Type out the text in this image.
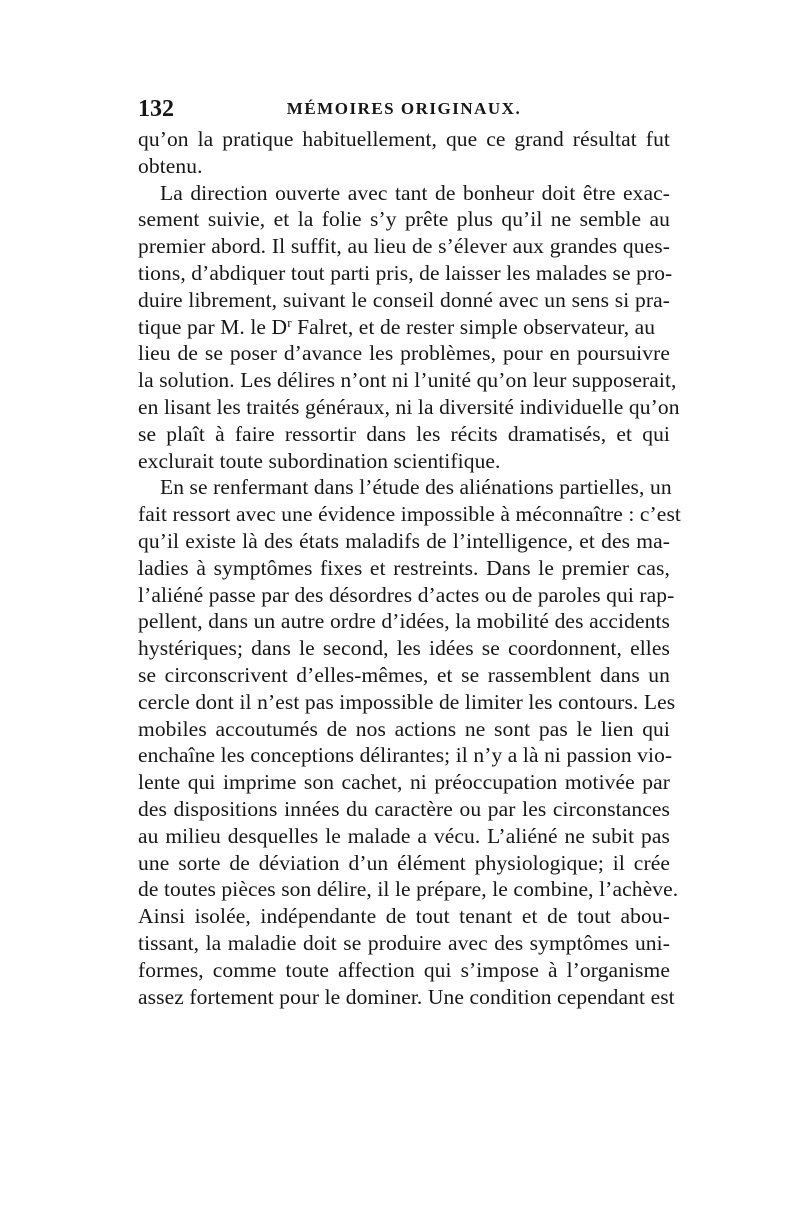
132	MÉMOIRES ORIGINAUX.
qu’on la pratique habituellement, que ce grand résultat fut
obtenu.
La direction ouverte avec tant de bonheur doit être exac-
sement suivie, et la folie s’y prête plus qu’il ne semble au
premier abord. Il suffit, au lieu de s’élever aux grandes ques-
tions, d’abdiquer tout parti pris, de laisser les malades se pro-
duire librement, suivant le conseil donné avec un sens si pra-
tique par M. le $D^r$ Falret, et de rester simple observateur, au
lieu de se poser d’avance les problèmes, pour en poursuivre
la solution. Les délires n’ont ni l’unité qu’on leur supposerait,
en lisant les traités généraux, ni la diversité individuelle qu’on
se plaît à faire ressortir dans les récits dramatisés, et qui
exclurait toute subordination scientifique.
En se renfermant dans l’étude des aliénations partielles, un
fait ressort avec une évidence impossible à méconnaître : c’est
qu’il existe là des états maladifs de l’intelligence, et des ma-
ladies à symptômes fixes et restreints. Dans le premier cas,
l’aliéné passe par des désordres d’actes ou de paroles qui rap-
pellent, dans un autre ordre d’idées, la mobilité des accidents
hystériques; dans le second, les idées se coordonnent, elles
se circonscrivent d’elles-mêmes, et se rassemblent dans un
cercle dont il n’est pas impossible de limiter les contours. Les
mobiles accoutumés de nos actions ne sont pas le lien qui
enchaîne les conceptions délirantes; il n’y a là ni passion vio-
lente qui imprime son cachet, ni préoccupation motivée par
des dispositions innées du caractère ou par les circonstances
au milieu desquelles le malade a vécu. L’aliéné ne subit pas
une sorte de déviation d’un élément physiologique; il crée
de toutes pièces son délire, il le prépare, le combine, l’achève.
Ainsi isolée, indépendante de tout tenant et de tout abou-
tissant, la maladie doit se produire avec des symptômes uni-
formes, comme toute affection qui s’impose à l’organisme
assez fortement pour le dominer. Une condition cependant est
